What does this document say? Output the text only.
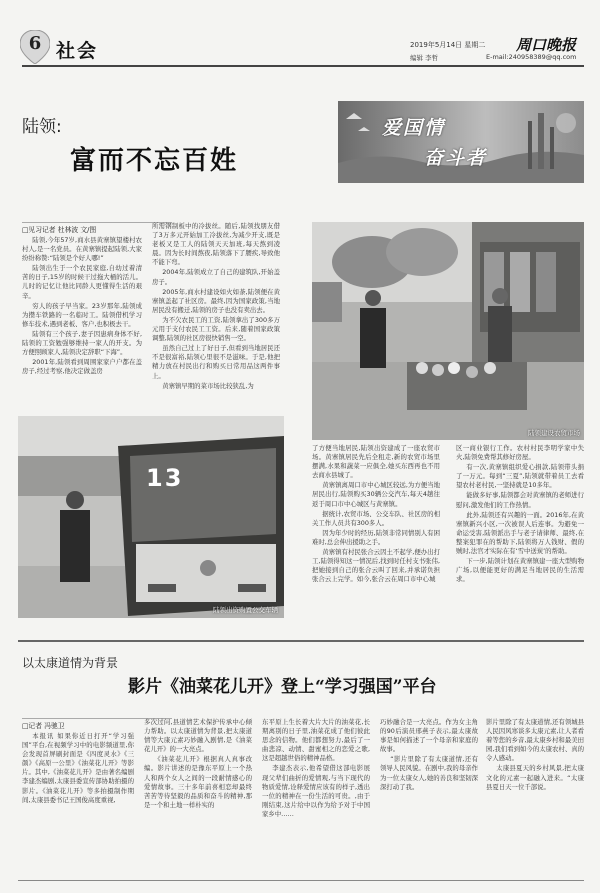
6 社会	2019年5月14日 星期二 周口晚报
编辑 李哲	E-mail:240958389@qq.com
陆领:
富而不忘百姓
爱国情
奋斗者
□见习记者 杜林波 文/图

陆领,今年57岁,商水县黄寨镇望楼村农村人,是一名党员。在黄寨镇提起陆领,大家纷纷称赞:“陆领是个好人哪!”

陆领出生于一个农民家庭,自幼过着清苦的日子,15岁的时候干过拖大桶的活儿。儿时的记忆让他比同龄人更懂得生活的艰辛。

穷人的孩子早当家。23岁那年,陆领成为攒车铁路的一名临时工。陆领借机学习修车技术,遇到老板、客户,也积极去干。

陆领有三个孩子,妻子因患病身体不好,陆领的工资勉强够维持一家人的开支。为方便照顾家人,陆领决定辞职“下海”。

2001年,陆领看到周围家家户户都在盖房子,经过考察,他决定做盖房

所需钢制板中的冷拔丝。随后,陆领找朋友借了3万多元开始加工冷拔丝,为减少开支,既是老板又是工人的陆领天天加班,每天熬到凌晨。因为长时间熬夜,陆领落下了腰疾,导致他不能下弯。

2004年,陆领成立了自己的建筑队,开始盖房子。

2005年,商水村建设如火如荼,陆领便在黄寨镇盖起了社区房。最终,因为国家政策,当地居民没有搬迁,陆领的房子也没有卖出去。

为不欠农民工的工资,陆领拿出了300多万元用于支付农民工工资。后来,随着国家政策调整,陆领的社区房很快销售一空。

虽然自己过上了好日子,但看到当地居民还不是很富裕,陆领心里很不是滋味。于是,他把精力放在村民出行和购买日常用品这两件事上。

黄寨镇早期的菜市场比较狭乱,为

陆领建设农贸市场
13
陆领出资购置公交车辆

了方便当地居民,陆领出资建成了一座农贸市场。黄寨镇居民先后全租走,新的农贸市场里摆满,水果和蔬菜一应俱全,她买东西再也不用去商水县城了。

黄寨镇离周口市中心城区较远,为方便当地居民出行,陆领购买30辆公交汽车,每天4趟往返于周口市中心城区与黄寨镇。

据统计,农贸市场、公交车队、社区房的相关工作人员共有300多人。

因为年少时的经历,陆领非常同情别人有困难时,总会伸出援助之手。

黄寨镇有村民张合云因土不起学,便办出打工,陆领得知这一情况后,找到时任村支书张伟,把她接到自己的张合云叫了回来,并承诺负担张合云上完学。如今,张合云在周口市中心城

区一商业银行工作。农村村民李明学家中失火,陆领免费帮其修好房屋。

有一次,黄寨镇组织爱心捐款,陆领带头捐了一万元。每到“三夏”,陆领就带着员工去看望农村老村民,一坚持就是10多年。

能做多好事,陆领都会对黄寨镇的老师进行慰问,激发他们的工作热情。

此外,陆领还有兴趣的一面。2016年,在黄寨镇新兴小区,一次被误人后连事。为避免一命运受害,陆领派出手与老子请律师、最终,在整案犯罪在的帮助下,陆领将万人钱财、假的贼时,法官才实际在有‘雪中送炭’的帮助。

下一步,陆领计划在黄寨镇建一座大型购物广场,以便能更好的满足当地居民的生活需求。

以太康道情为背景
影片《油菜花儿开》登上“学习强国”平台
□记者 冯驰卫

本报讯 如果你近日打开“学习强国”平台,在视频学习中的电影频道里,你会发现首屏刷封面是《四度灵水》《三颜》《高原一公里》《油菜花儿开》等影片。其中,《油菜花儿开》是由著名编剧李建杰编剧,太康县委宣传部协助拍摄的影片。《油菜花儿开》等多拍摄制作期间,太康县委书记王国俊高度重视,

多次过问,县道情艺术保护传承中心倾力帮助。以太康道情为背景,把太康道情等大康元素巧妙融入剧情,是《油菜花儿开》的一大亮点。

《油菜花儿开》根据真人真事改编。影片讲述的是豫东平原上一个热人和两个女人之间的一段耐情感心的爱情故事。三十多年前喜相恋却最终苦苦等待坚毅的品质和奋斗的精神,那是一个和土地一样朴实的

东平原上生长着大片大片的油菜花,长期离别的日子里,油菜花成了他们彼此思念的信物。他们都想努力,最后了一曲悲凉、动情、甜蜜相之的恋爱之歌,这是超越世俗的精神品格。

李建杰表示,他希望借这部电影展现父辈们曲折的爱情观,与当下现代的物质爱情,诠释爱情应该有的样子,透出一位的精神在一份生活的可贵。,由于刚结束,这片给中以作为给予对于中国家乡中……

巧妙融合是一大亮点。作为女主角的90后演员邢燕子表示,最太康故事是如何描述了一个母亲和家庭的故事。

“影片里除了有太康道情,还有领导人民风貌。在剧中,我的母亲作为一位太康女人,她的善良和坚韧深深打动了我。

影片里除了有太康道情,还有领城县人民因风寒谈多太康元素,让人者看着等您的乡音,最太康乡村和最美田园,我们看到如今的太康农村、真的令人感动。

太康县夏天的乡村风景,把太康文化的元素一起融入进来。“太康县夏日天一位千部说。
